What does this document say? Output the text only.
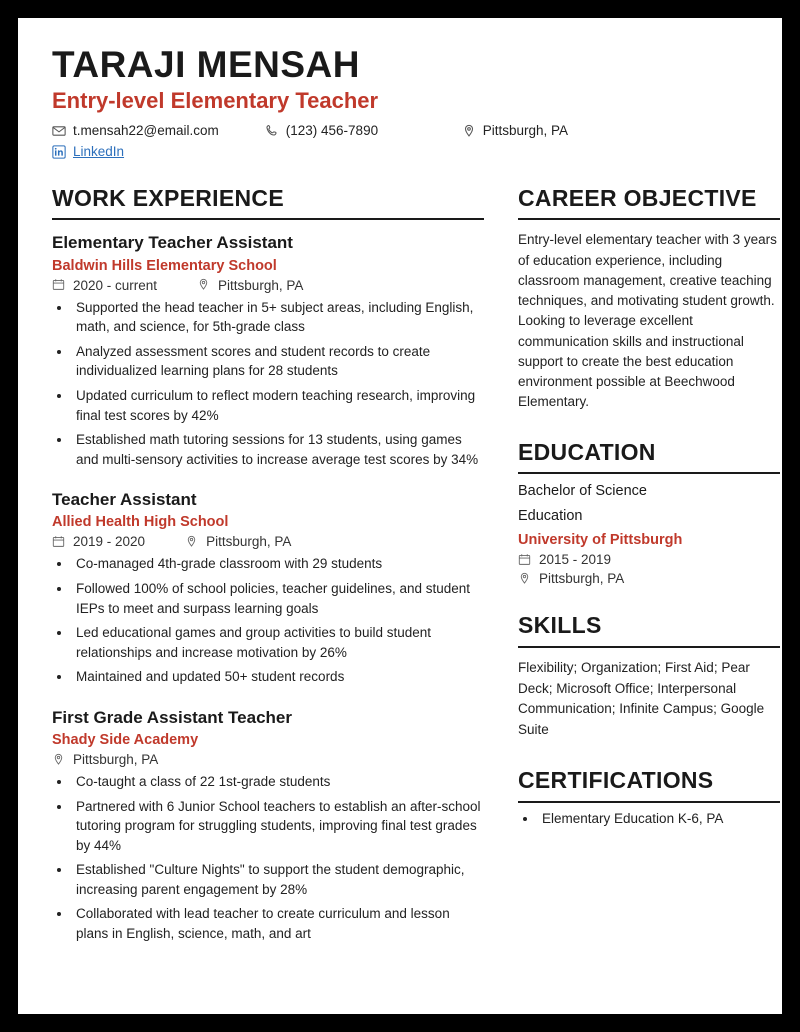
TARAJI MENSAH
Entry-level Elementary Teacher
t.mensah22@email.com	(123) 456-7890	Pittsburgh, PA
LinkedIn
WORK EXPERIENCE
Elementary Teacher Assistant
Baldwin Hills Elementary School
2020 - current	Pittsburgh, PA
• Supported the head teacher in 5+ subject areas, including English, math, and science, for 5th-grade class
• Analyzed assessment scores and student records to create individualized learning plans for 28 students
• Updated curriculum to reflect modern teaching research, improving final test scores by 42%
• Established math tutoring sessions for 13 students, using games and multi-sensory activities to increase average test scores by 34%
Teacher Assistant
Allied Health High School
2019 - 2020	Pittsburgh, PA
• Co-managed 4th-grade classroom with 29 students
• Followed 100% of school policies, teacher guidelines, and student IEPs to meet and surpass learning goals
• Led educational games and group activities to build student relationships and increase motivation by 26%
• Maintained and updated 50+ student records
First Grade Assistant Teacher
Shady Side Academy
Pittsburgh, PA
• Co-taught a class of 22 1st-grade students
• Partnered with 6 Junior School teachers to establish an after-school tutoring program for struggling students, improving final test grades by 44%
• Established "Culture Nights" to support the student demographic, increasing parent engagement by 28%
• Collaborated with lead teacher to create curriculum and lesson plans in English, science, math, and art
CAREER OBJECTIVE

Entry-level elementary teacher with 3 years of education experience, including classroom management, creative teaching techniques, and motivating student growth. Looking to leverage excellent communication skills and instructional support to create the best education environment possible at Beechwood Elementary.

EDUCATION
Bachelor of Science
Education
University of Pittsburgh
2015 - 2019
Pittsburgh, PA
SKILLS

Flexibility; Organization; First Aid; Pear Deck; Microsoft Office; Interpersonal Communication; Infinite Campus; Google Suite

CERTIFICATIONS
• Elementary Education K-6, PA
